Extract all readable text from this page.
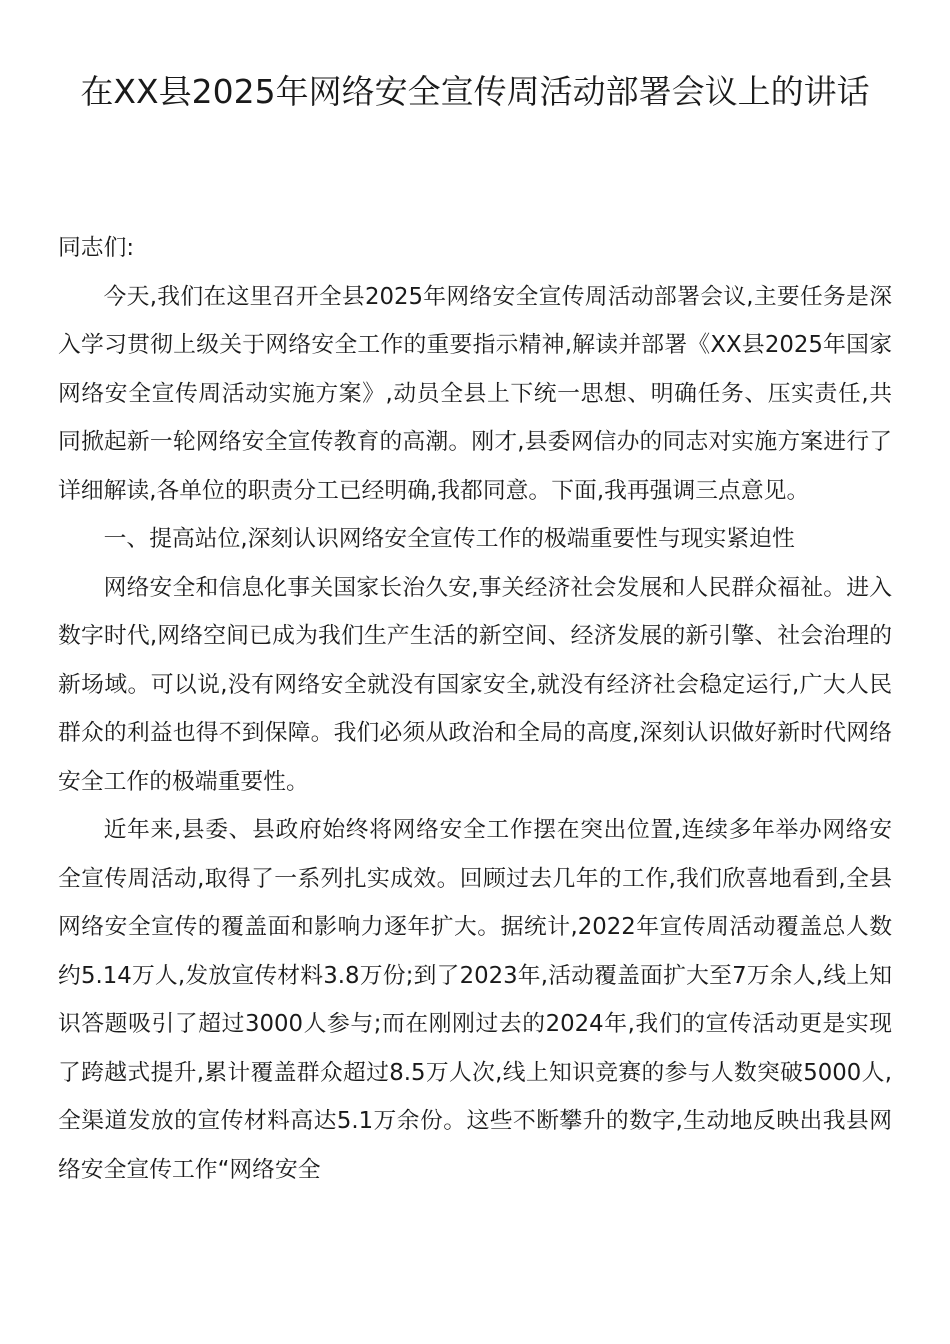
在XX县2025年网络安全宣传周活动部署会议上的讲话

同志们:

今天,我们在这里召开全县2025年网络安全宣传周活动部署会议,主要任务是深入学习贯彻上级关于网络安全工作的重要指示精神,解读并部署《XX县2025年国家网络安全宣传周活动实施方案》,动员全县上下统一思想、明确任务、压实责任,共同掀起新一轮网络安全宣传教育的高潮。刚才,县委网信办的同志对实施方案进行了详细解读,各单位的职责分工已经明确,我都同意。下面,我再强调三点意见。

一、提高站位,深刻认识网络安全宣传工作的极端重要性与现实紧迫性

网络安全和信息化事关国家长治久安,事关经济社会发展和人民群众福祉。进入数字时代,网络空间已成为我们生产生活的新空间、经济发展的新引擎、社会治理的新场域。可以说,没有网络安全就没有国家安全,就没有经济社会稳定运行,广大人民群众的利益也得不到保障。我们必须从政治和全局的高度,深刻认识做好新时代网络安全工作的极端重要性。

近年来,县委、县政府始终将网络安全工作摆在突出位置,连续多年举办网络安全宣传周活动,取得了一系列扎实成效。回顾过去几年的工作,我们欣喜地看到,全县网络安全宣传的覆盖面和影响力逐年扩大。据统计,2022年宣传周活动覆盖总人数约5.14万人,发放宣传材料3.8万份;到了2023年,活动覆盖面扩大至7万余人,线上知识答题吸引了超过3000人参与;而在刚刚过去的2024年,我们的宣传活动更是实现了跨越式提升,累计覆盖群众超过8.5万人次,线上知识竞赛的参与人数突破5000人,全渠道发放的宣传材料高达5.1万余份。这些不断攀升的数字,生动地反映出我县网络安全宣传工作“网络安全
